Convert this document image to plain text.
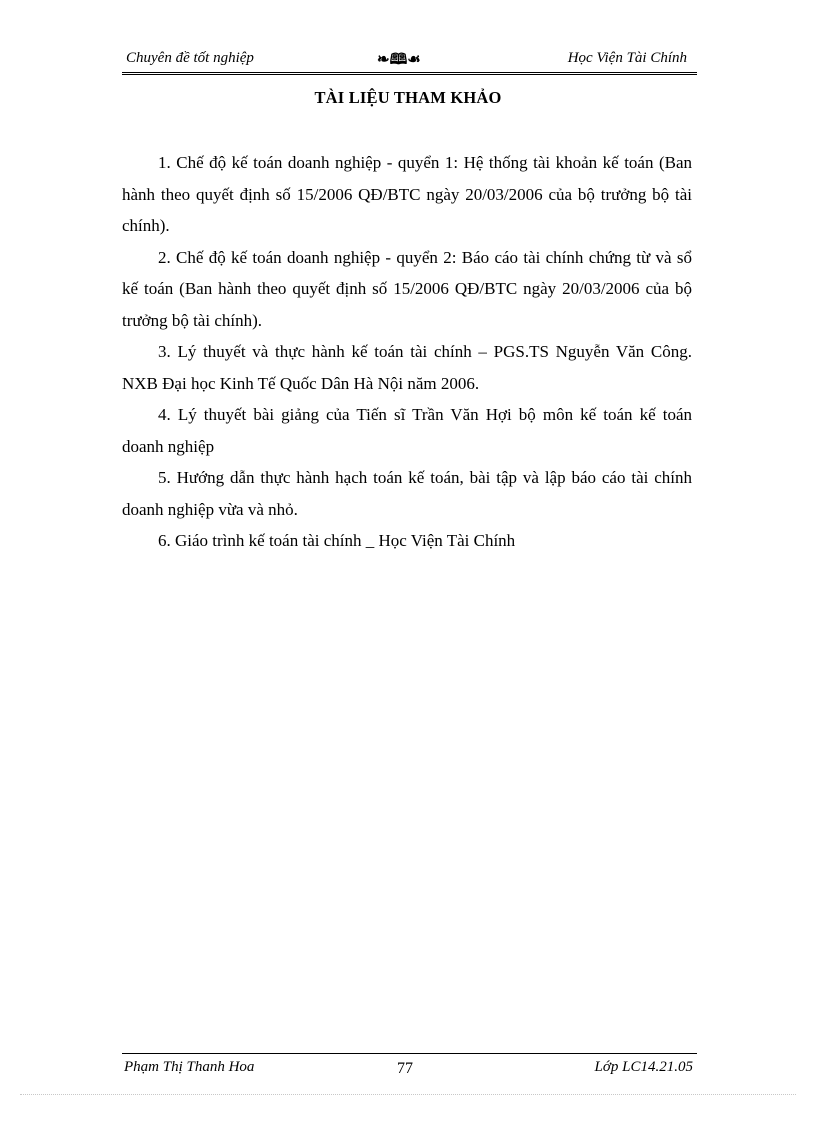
Chuyên đề tốt nghiệp	❧🕮☙	Học Viện Tài Chính
TÀI LIỆU THAM KHẢO

1. Chế độ kế toán doanh nghiệp - quyển 1: Hệ thống tài khoản kế toán (Ban hành theo quyết định số 15/2006 QĐ/BTC ngày 20/03/2006 của bộ trưởng bộ tài chính).

2. Chế độ kế toán doanh nghiệp - quyển 2: Báo cáo tài chính chứng từ và sổ kế toán (Ban hành theo quyết định số 15/2006 QĐ/BTC ngày 20/03/2006 của bộ trưởng bộ tài chính).

3. Lý thuyết và thực hành kế toán tài chính – PGS.TS Nguyễn Văn Công. NXB Đại học Kinh Tế Quốc Dân Hà Nội năm 2006.

4. Lý thuyết bài giảng của Tiến sĩ Trần Văn Hợi bộ môn kế toán kế toán doanh nghiệp

5. Hướng dẫn thực hành hạch toán kế toán, bài tập và lập báo cáo tài chính doanh nghiệp vừa và nhỏ.

6. Giáo trình kế toán tài chính _ Học Viện Tài Chính

Phạm Thị Thanh Hoa	77	Lớp LC14.21.05
